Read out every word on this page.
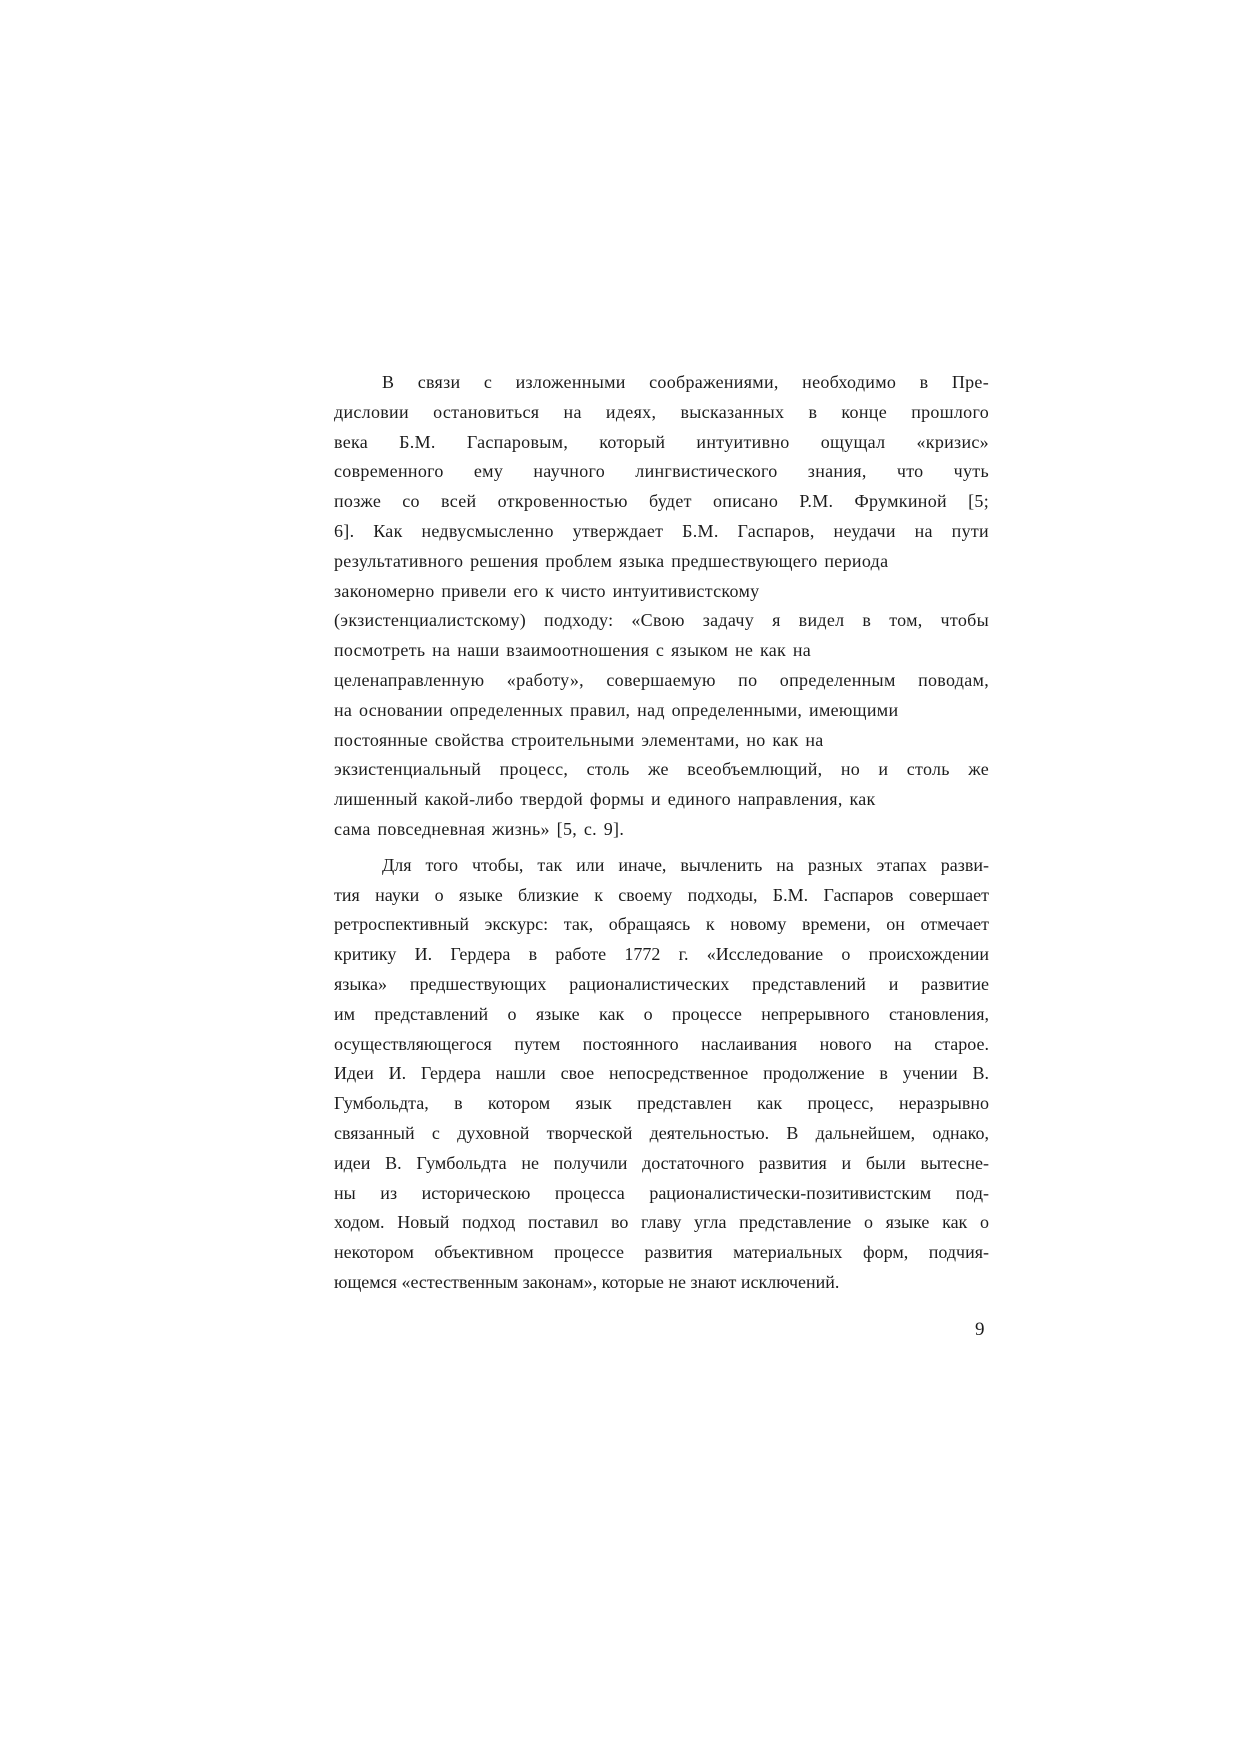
В связи с изложенными соображениями, необходимо в Пре-
дисловии остановиться на идеях, высказанных в конце прошлого
века Б.М. Гаспаровым, который интуитивно ощущал «кризис»
современного ему научного лингвистического знания, что чуть
позже со всей откровенностью будет описано Р.М. Фрумкиной [5;
6]. Как недвусмысленно утверждает Б.М. Гаспаров, неудачи на пути
результативного решения проблем языка предшествующего периода
закономерно привели его к чисто интуитивистскому
(экзистенциалистскому) подходу: «Свою задачу я видел в том, чтобы
посмотреть на наши взаимоотношения с языком не как на
целенаправленную «работу», совершаемую по определенным поводам,
на основании определенных правил, над определенными, имеющими
постоянные свойства строительными элементами, но как на
экзистенциальный процесс, столь же всеобъемлющий, но и столь же
лишенный какой-либо твердой формы и единого направления, как
сама повседневная жизнь» [5, с. 9].

Для того чтобы, так или иначе, вычленить на разных этапах разви-
тия науки о языке близкие к своему подходы, Б.М. Гаспаров совершает
ретроспективный экскурс: так, обращаясь к новому времени, он отмечает
критику И. Гердера в работе 1772 г. «Исследование о происхождении
языка» предшествующих рационалистических представлений и развитие
им представлений о языке как о процессе непрерывного становления,
осуществляющегося путем постоянного наслаивания нового на старое.
Идеи И. Гердера нашли свое непосредственное продолжение в учении В.
Гумбольдта, в котором язык представлен как процесс, неразрывно
связанный с духовной творческой деятельностью. В дальнейшем, однако,
идеи В. Гумбольдта не получили достаточного развития и были вытесне-
ны из историческою процесса рационалистически-позитивистским под-
ходом. Новый подход поставил во главу угла представление о языке как о
некотором объективном процессе развития материальных форм, подчия-
ющемся «естественным законам», которые не знают исключений.

9
